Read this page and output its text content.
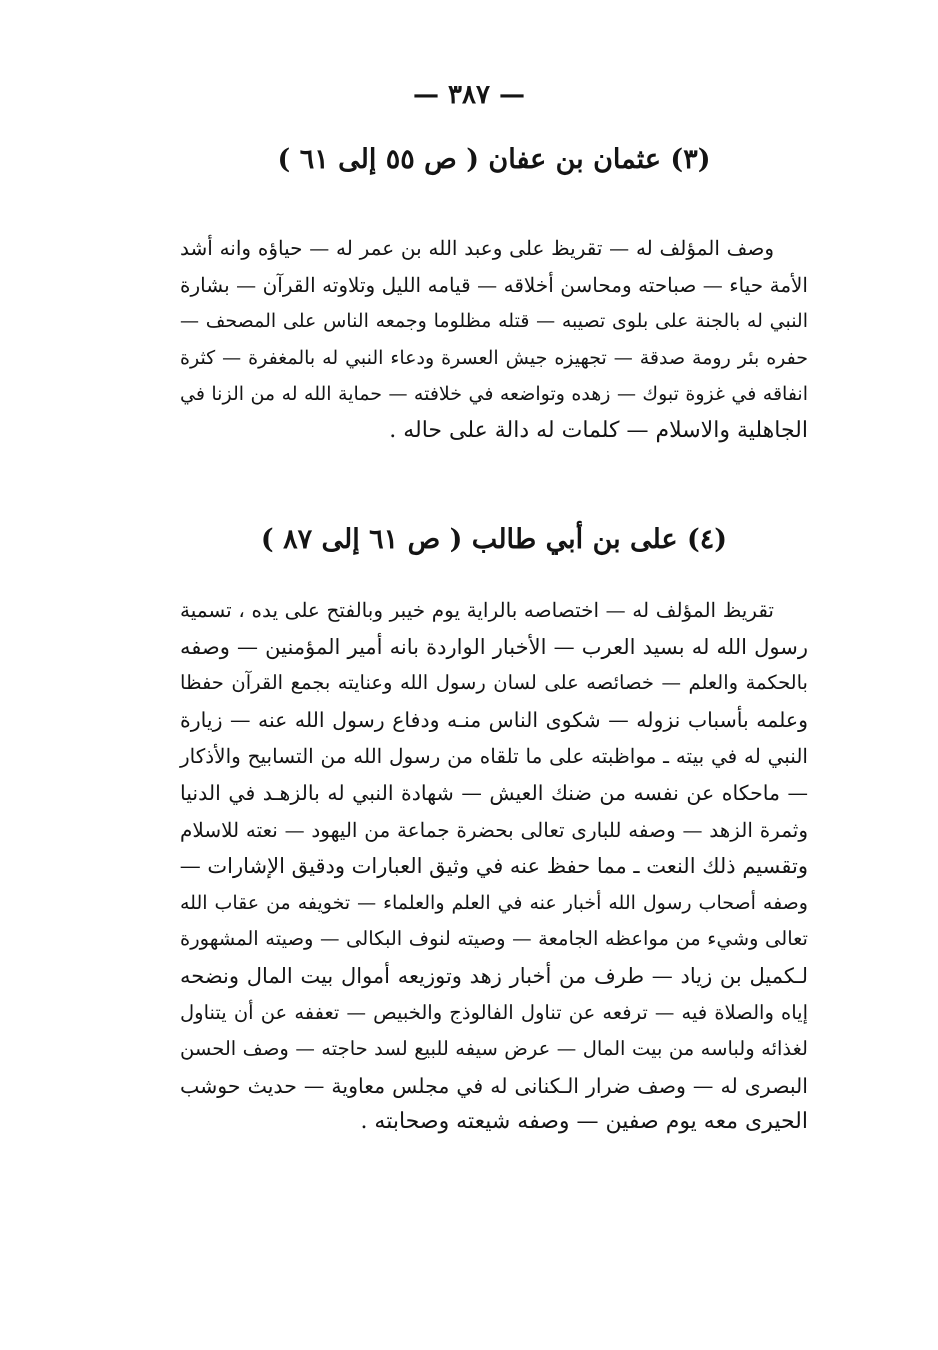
— ٣٨٧ —
(٣) عثمان بن عفان ( ص ٥٥ إلى ٦١ )
وصف المؤلف له — تقريظ على وعبد الله بن عمر له — حياؤه وانه أشد
الأمة حياء — صباحته ومحاسن أخلاقه — قيامه الليل وتلاوته القرآن — بشارة
النبي له بالجنة على بلوى تصيبه — قتله مظلوما وجمعه الناس على المصحف —
حفره بئر رومة صدقة — تجهيزه جيش العسرة ودعاء النبي له بالمغفرة — كثرة
انفاقه في غزوة تبوك — زهده وتواضعه في خلافته — حماية الله له من الزنا في
الجاهلية والاسلام — كلمات له دالة على حاله .
(٤) على بن أبي طالب ( ص ٦١ إلى ٨٧ )
تقريظ المؤلف له — اختصاصه بالراية يوم خيبر وبالفتح على يده ، تسمية
رسول الله له بسيد العرب — الأخبار الواردة بانه أمير المؤمنين — وصفه
بالحكمة والعلم — خصائصه على لسان رسول الله وعنايته بجمع القرآن حفظا
وعلمه بأسباب نزوله — شكوى الناس منـه ودفاع رسول الله عنه — زيارة
النبي له في بيته ـ مواظبته على ما تلقاه من رسول الله من التسابيح والأذكار
— ماحكاه عن نفسه من ضنك العيش — شهادة النبي له بالزهـد في الدنيا
وثمرة الزهد — وصفه للبارى تعالى بحضرة جماعة من اليهود — نعته للاسلام
وتقسيم ذلك النعت ـ مما حفظ عنه في وثيق العبارات ودقيق الإشارات —
وصفه أصحاب رسول الله أخبار عنه في العلم والعلماء — تخويفه من عقاب الله
تعالى وشيء من مواعظه الجامعة — وصيته لنوف البكالى — وصيته المشهورة
لـكميل بن زياد — طرف من أخبار زهد وتوزيعه أموال بيت المال ونضحه
إياه والصلاة فيه — ترفعه عن تناول الفالوذج والخبيص — تعففه عن أن يتناول
لغذائه ولباسه من بيت المال — عرض سيفه للبيع لسد حاجته — وصف الحسن
البصرى له — وصف ضرار الـكنانى له في مجلس معاوية — حديث حوشب
الحيرى معه يوم صفين — وصفه شيعته وصحابته .
